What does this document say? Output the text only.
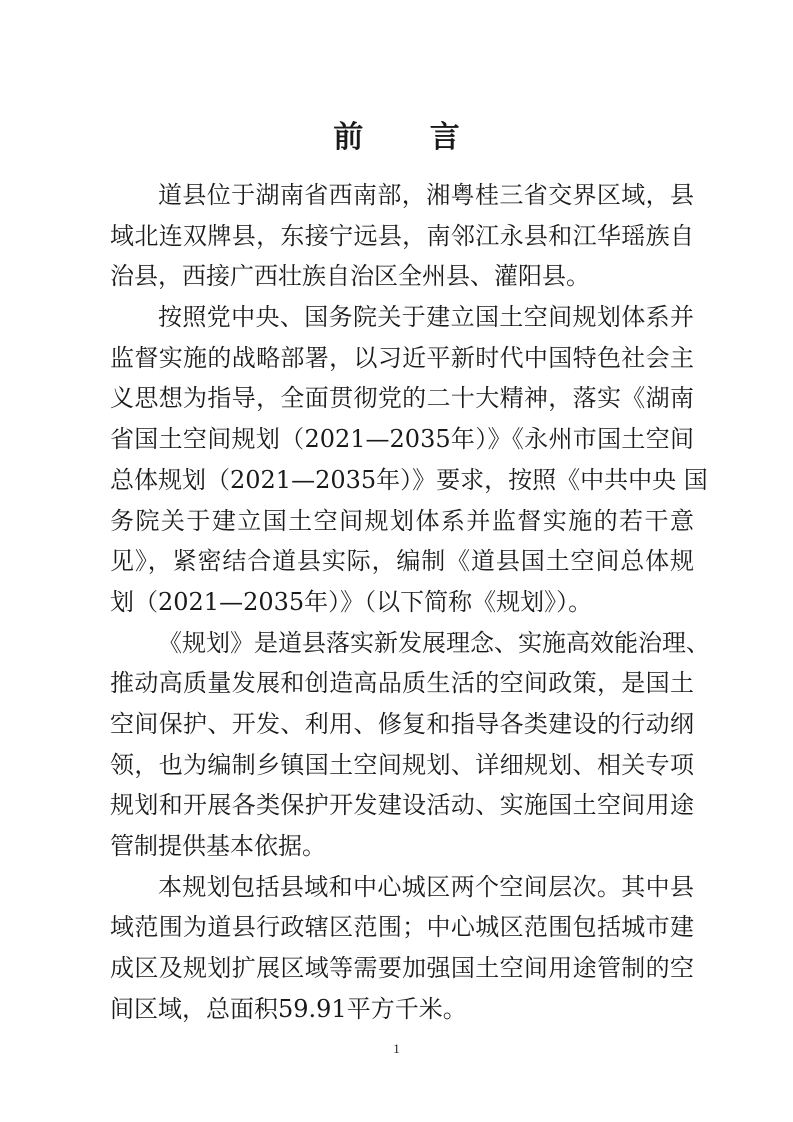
前 言
道县位于湖南省西南部，湘粤桂三省交界区域，县
域北连双牌县，东接宁远县，南邻江永县和江华瑶族自
治县，西接广西壮族自治区全州县、灌阳县。
按照党中央、国务院关于建立国土空间规划体系并
监督实施的战略部署，以习近平新时代中国特色社会主
义思想为指导，全面贯彻党的二十大精神，落实《湖南
省国土空间规划（2021—2035年）》《永州市国土空间
总体规划（2021—2035年）》要求，按照《中共中央 国
务院关于建立国土空间规划体系并监督实施的若干意
见》，紧密结合道县实际，编制《道县国土空间总体规
划（2021—2035年）》（以下简称《规划》）。
《规划》是道县落实新发展理念、实施高效能治理、
推动高质量发展和创造高品质生活的空间政策，是国土
空间保护、开发、利用、修复和指导各类建设的行动纲
领，也为编制乡镇国土空间规划、详细规划、相关专项
规划和开展各类保护开发建设活动、实施国土空间用途
管制提供基本依据。
本规划包括县域和中心城区两个空间层次。其中县
域范围为道县行政辖区范围；中心城区范围包括城市建
成区及规划扩展区域等需要加强国土空间用途管制的空
间区域，总面积59.91平方千米。
1
